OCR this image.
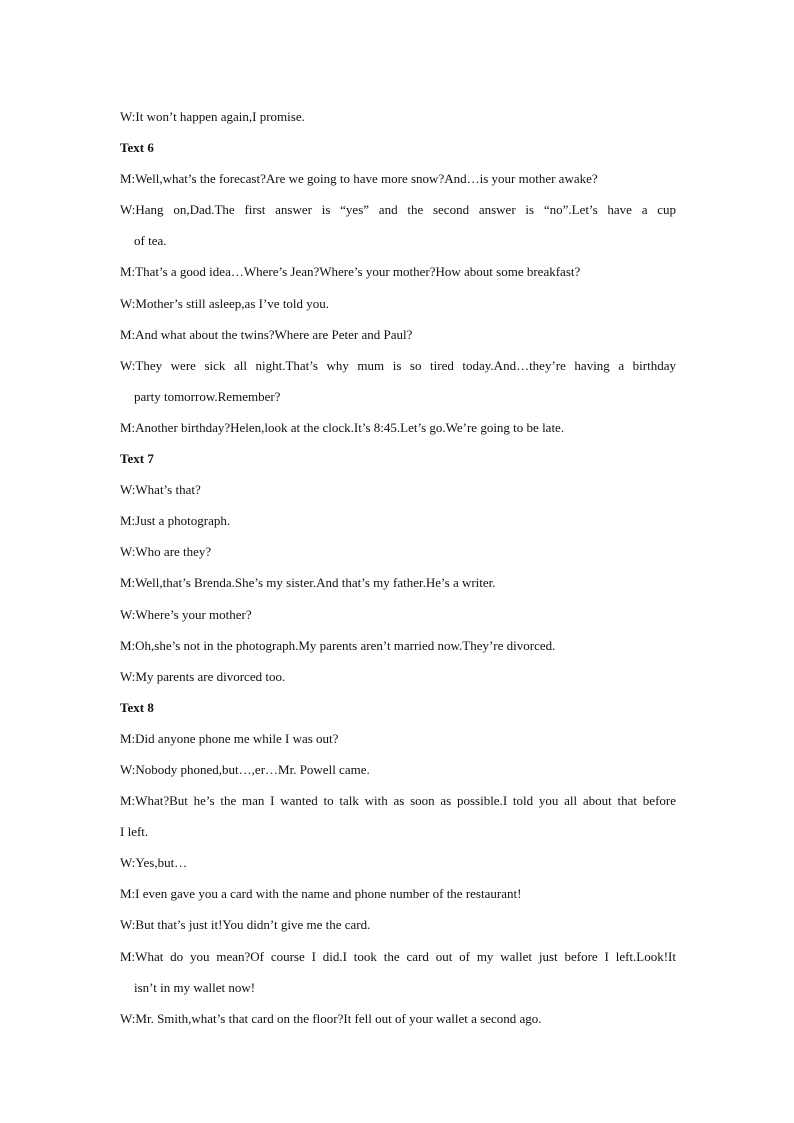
W:It won’t happen again,I promise.
Text 6
M:Well,what’s the forecast?Are we going to have more snow?And…is your mother awake?
W:Hang on,Dad.The first answer is “yes” and the second answer is “no”.Let’s have a cup
of tea.
M:That’s a good idea…Where’s Jean?Where’s your mother?How about some breakfast?
W:Mother’s still asleep,as I’ve told you.
M:And what about the twins?Where are Peter and Paul?
W:They were sick all night.That’s why mum is so tired today.And…they’re having a birthday
party tomorrow.Remember?
M:Another birthday?Helen,look at the clock.It’s 8:45.Let’s go.We’re going to be late.
Text 7
W:What’s that?
M:Just a photograph.
W:Who are they?
M:Well,that’s Brenda.She’s my sister.And that’s my father.He’s a writer.
W:Where’s your mother?
M:Oh,she’s not in the photograph.My parents aren’t married now.They’re divorced.
W:My parents are divorced too.
Text 8
M:Did anyone phone me while I was out?
W:Nobody phoned,but…,er…Mr. Powell came.
M:What?But he’s the man I wanted to talk with as soon as possible.I told you all about that before
I left.
W:Yes,but…
M:I even gave you a card with the name and phone number of the restaurant!
W:But that’s just it!You didn’t give me the card.
M:What do you mean?Of course I did.I took the card out of my wallet just before I left.Look!It
isn’t in my wallet now!
W:Mr. Smith,what’s that card on the floor?It fell out of your wallet a second ago.
